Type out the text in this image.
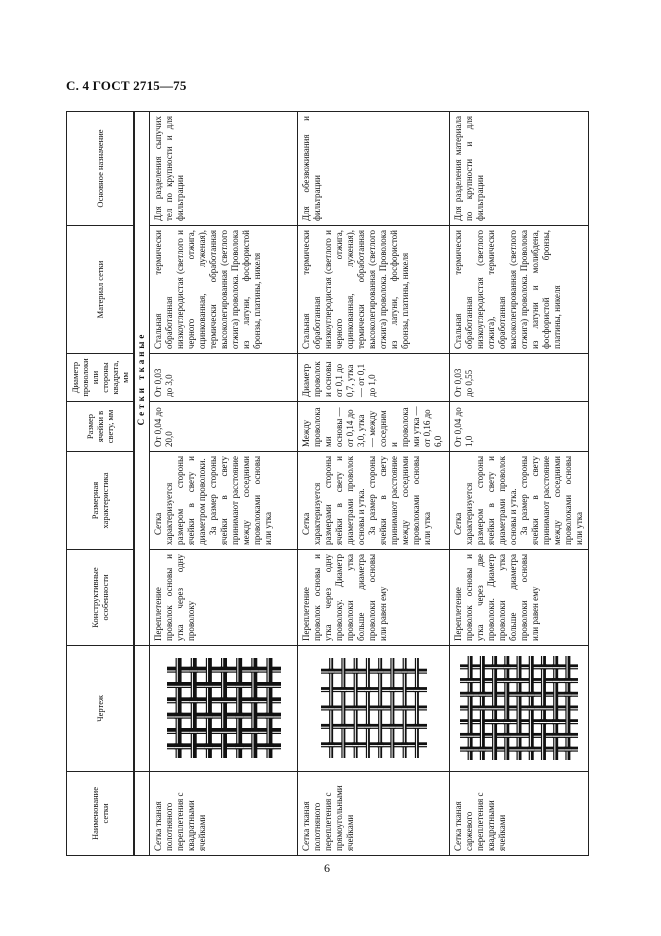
С. 4 ГОСТ 2715—75
Наименование сетки	Чертеж	Конструктивные особенности	Размерная характеристика	Размер ячейки в свету, мм	Диаметр проволоки или стороны квадрата, мм	Материал сетки	Основное назначение
		Сетки тканые					
Сетка тканая полотняного переплетения с квадратными ячейками		Переплетение проволок основы и утка через одну проволоку	Сетка характеризуется размером стороны ячейки в свету и диаметром проволоки. За размер стороны ячейки в свету принимают расстояние между соседними проволоками основы или утка	От 0,04 до 20,0	От 0,03 до 3,0	Стальная термически обработанная низкоуглеродистая (светлого и черного отжига, оцинкованная, луженая), термически обработанная высоколегированная (светлого отжига) проволока. Проволока из латуни, фосфористой бронзы, платины, никеля	Для разделения сыпучих тел по крупности и для фильтрации
Сетка тканая полотняного переплетения с прямоугольными ячейками		Переплетение проволок основы и утка через одну проволоку. Диаметр проволоки утка больше диаметра проволоки основы или равен ему	Сетка характеризуется размерами стороны ячейки в свету и диаметрами проволок основы и утка. За размер стороны ячейки в свету принимают расстояние между соседними проволоками основы или утка	Между проволоками основы — от 0,14 до 3,0, утка — между соседними проволоками утка — от 0,16 до 6,0	Диаметр проволоки основы от 0,1 до 0,7, утка — от 0,1 до 1,0	Стальная термически обработанная низкоуглеродистая (светлого и черного отжига, оцинкованная, луженая), термически обработанная высоколегированная (светлого отжига) проволока. Проволока из латуни, фосфористой бронзы, платины, никеля	Для обезвоживания и фильтрации
Сетка тканая саржевого переплетения с квадратными ячейками		Переплетение проволок основы и утка через две проволоки. Диаметр проволоки утка больше диаметра проволоки основы или равен ему	Сетка характеризуется размером стороны ячейки в свету и диаметрами проволок основы и утка. За размер стороны ячейки в свету принимают расстояние между соседними проволоками основы или утка	От 0,04 до 1,0	От 0,03 до 0,55	Стальная термически обработанная низкоуглеродистая (светлого отжига), термически обработанная высоколегированная (светлого отжига) проволока. Проволока из латуни и молибдена, фосфористой бронзы, платины, никеля	Для разделения материала по крупности и для фильтрации
6
